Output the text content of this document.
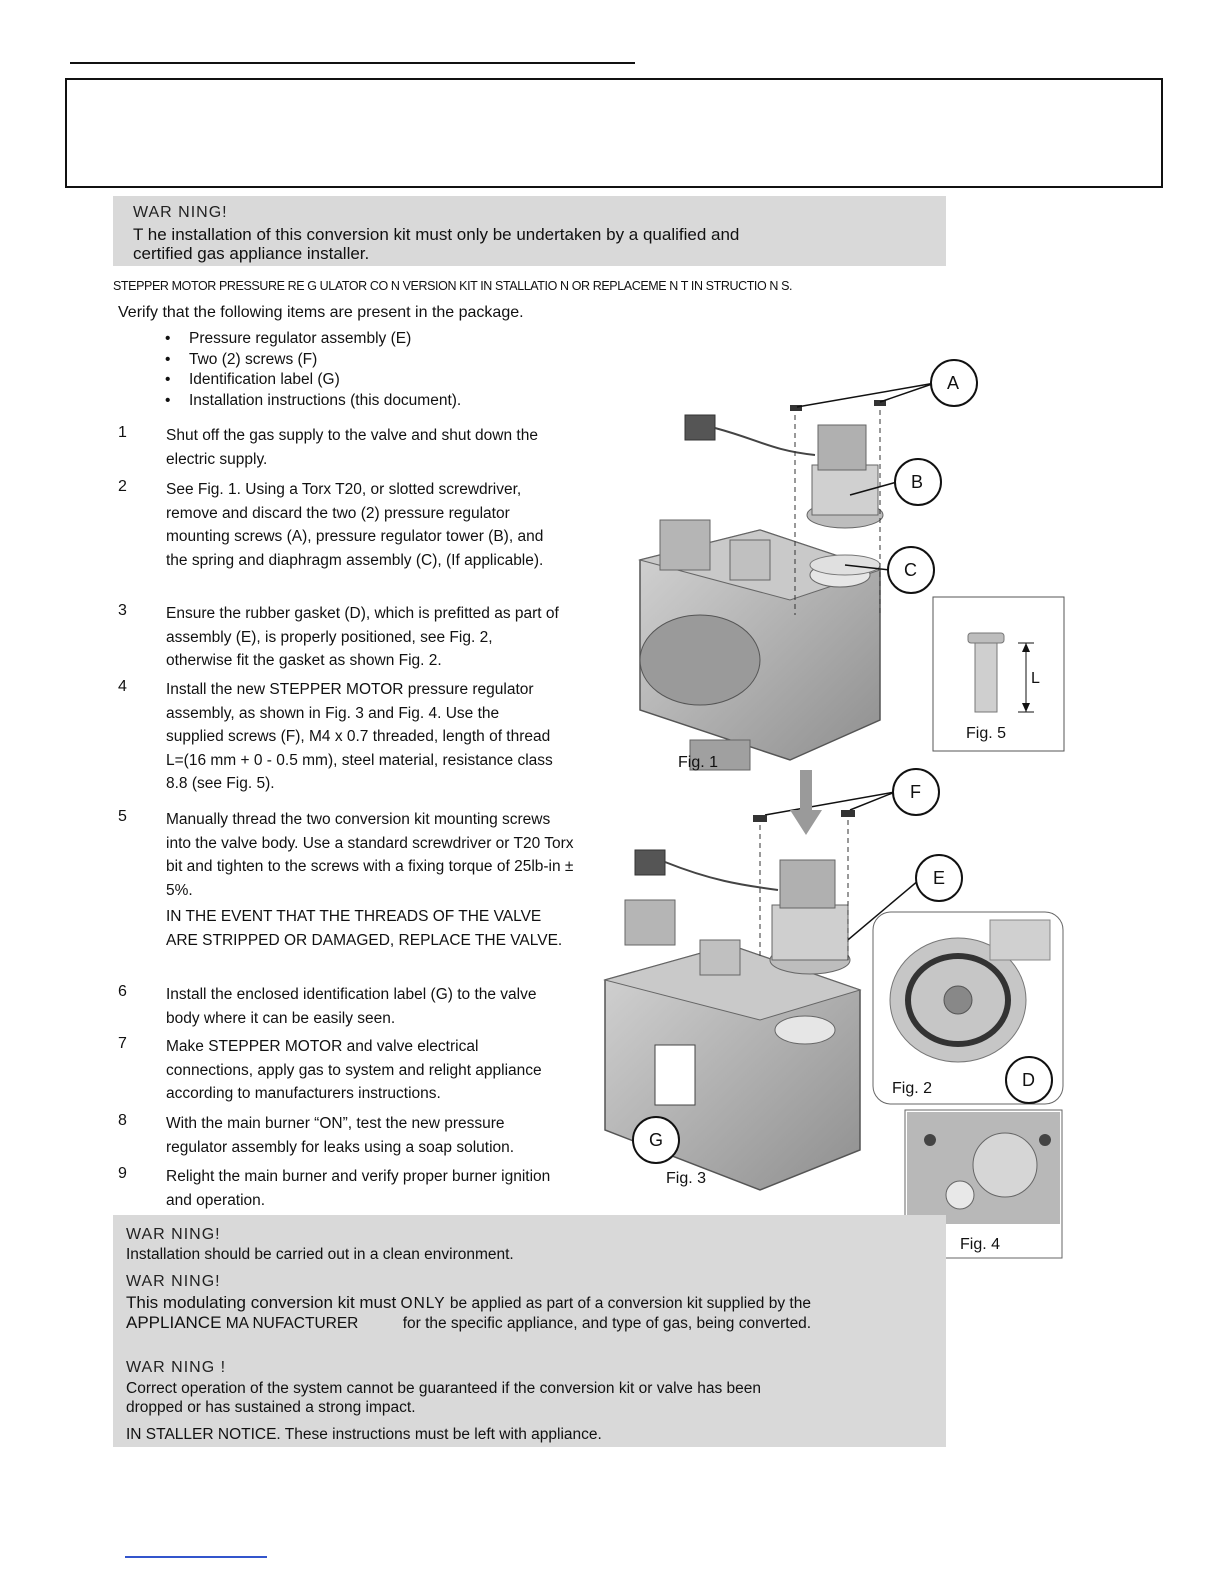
WAR NING!
T he installation of this conversion kit must only be undertaken by a qualified and certified gas appliance installer.
STEPPER MOTOR PRESSURE RE G ULATOR CO N VERSION KIT IN STALLATIO N OR REPLACEME N T IN STRUCTIO N S.
Verify that the following items are present in the package.
• Pressure regulator assembly (E)
• Two (2) screws (F)
• Identification label (G)
• Installation instructions (this document).
1	Shut off the gas supply to the valve and shut down the electric supply.
2	See Fig. 1. Using a Torx T20, or slotted screwdriver, remove and discard the two (2) pressure regulator mounting screws (A), pressure regulator tower (B), and the spring and diaphragm assembly (C), (If applicable).
3	Ensure the rubber gasket (D), which is prefitted as part of assembly (E), is properly positioned, see Fig. 2, otherwise fit the gasket as shown Fig. 2.
4	Install the new STEPPER MOTOR pressure regulator assembly, as shown in Fig. 3 and Fig. 4. Use the supplied screws (F), M4 x 0.7 threaded, length of thread L=(16 mm + 0 - 0.5 mm), steel material, resistance class 8.8 (see Fig. 5).
5	Manually thread the two conversion kit mounting screws into the valve body. Use a standard screwdriver or T20 Torx bit and tighten to the screws with a fixing torque of 25lb-in ± 5%.
IN THE EVENT THAT THE THREADS OF THE VALVE ARE STRIPPED OR DAMAGED, REPLACE THE VALVE.
6	Install the enclosed identification label (G) to the valve body where it can be easily seen.
7	Make STEPPER MOTOR and valve electrical connections, apply gas to system and relight appliance according to manufacturers instructions.
8	With the main burner “ON”, test the new pressure regulator assembly for leaks using a soap solution.
9	Relight the main burner and verify proper burner ignition and operation.
A
B
C
F
E
D
G
L
Fig. 1
Fig. 5
Fig. 2
Fig. 3
Fig. 4
WAR NING!
Installation should be carried out in a clean environment.
WAR NING!
This modulating conversion kit must ONLY be applied as part of a conversion kit supplied by the APPLIANCE MA NUFACTURER	for the specific appliance, and type of gas, being converted.
WAR NING !
Correct operation of the system cannot be guaranteed if the conversion kit or valve has been dropped or has sustained a strong impact.
IN STALLER NOTICE. These instructions must be left with appliance.
